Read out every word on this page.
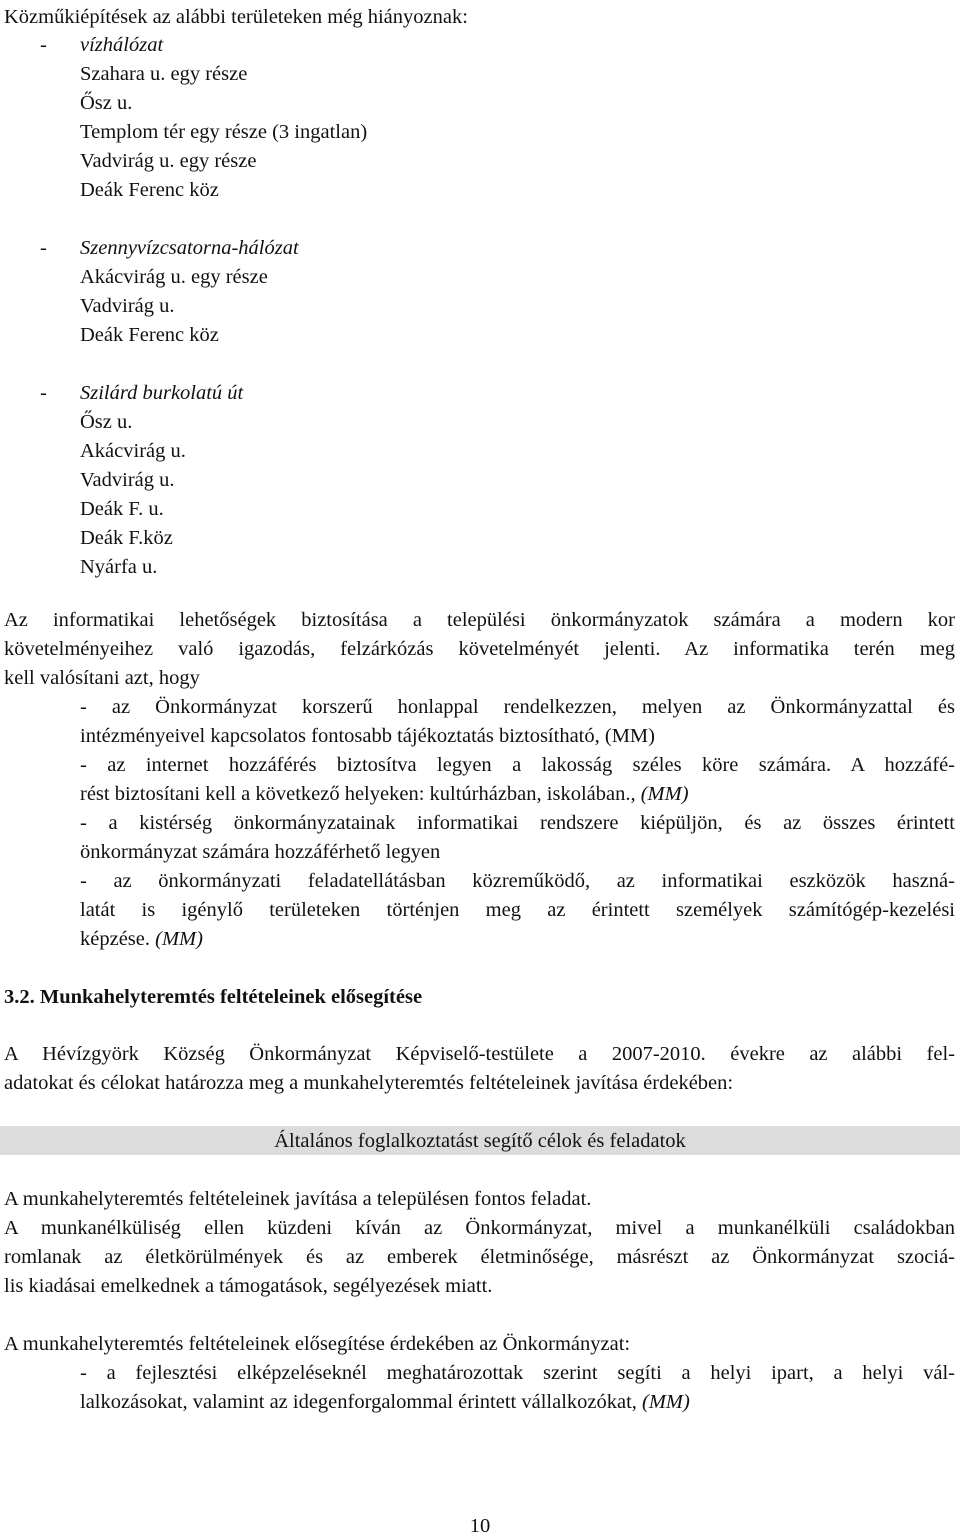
Közműkiépítések az alábbi területeken még hiányoznak:
- vízhálózat
Szahara u. egy része
Ősz u.
Templom tér egy része (3 ingatlan)
Vadvirág u. egy része
Deák Ferenc köz
- Szennyvízcsatorna-hálózat
Akácvirág u. egy része
Vadvirág u.
Deák Ferenc köz
- Szilárd burkolatú út
Ősz u.
Akácvirág u.
Vadvirág u.
Deák F. u.
Deák F.köz
Nyárfa u.
Az informatikai lehetőségek biztosítása a települési önkormányzatok számára a modern kor
követelményeihez való igazodás, felzárkózás követelményét jelenti. Az informatika terén meg
kell valósítani azt, hogy
- az Önkormányzat korszerű honlappal rendelkezzen, melyen az Önkormányzattal és
intézményeivel kapcsolatos fontosabb tájékoztatás biztosítható, (MM)
- az internet hozzáférés biztosítva legyen a lakosság széles köre számára. A hozzáfé-
rést biztosítani kell a következő helyeken: kultúrházban, iskolában., (MM)
- a kistérség önkormányzatainak informatikai rendszere kiépüljön, és az összes érintett
önkormányzat számára hozzáférhető legyen
- az önkormányzati feladatellátásban közreműködő, az informatikai eszközök haszná-
latát is igénylő területeken történjen meg az érintett személyek számítógép-kezelési
képzése. (MM)
3.2. Munkahelyteremtés feltételeinek elősegítése
A Hévízgyörk Község Önkormányzat Képviselő-testülete a 2007-2010. évekre az alábbi fel-
adatokat és célokat határozza meg a munkahelyteremtés feltételeinek javítása érdekében:
Általános foglalkoztatást segítő célok és feladatok
A munkahelyteremtés feltételeinek javítása a településen fontos feladat.
A munkanélküliség ellen küzdeni kíván az Önkormányzat, mivel a munkanélküli családokban
romlanak az életkörülmények és az emberek életminősége, másrészt az Önkormányzat szociá-
lis kiadásai emelkednek a támogatások, segélyezések miatt.
A munkahelyteremtés feltételeinek elősegítése érdekében az Önkormányzat:
- a fejlesztési elképzeléseknél meghatározottak szerint segíti a helyi ipart, a helyi vál-
lalkozásokat, valamint az idegenforgalommal érintett vállalkozókat, (MM)
10
